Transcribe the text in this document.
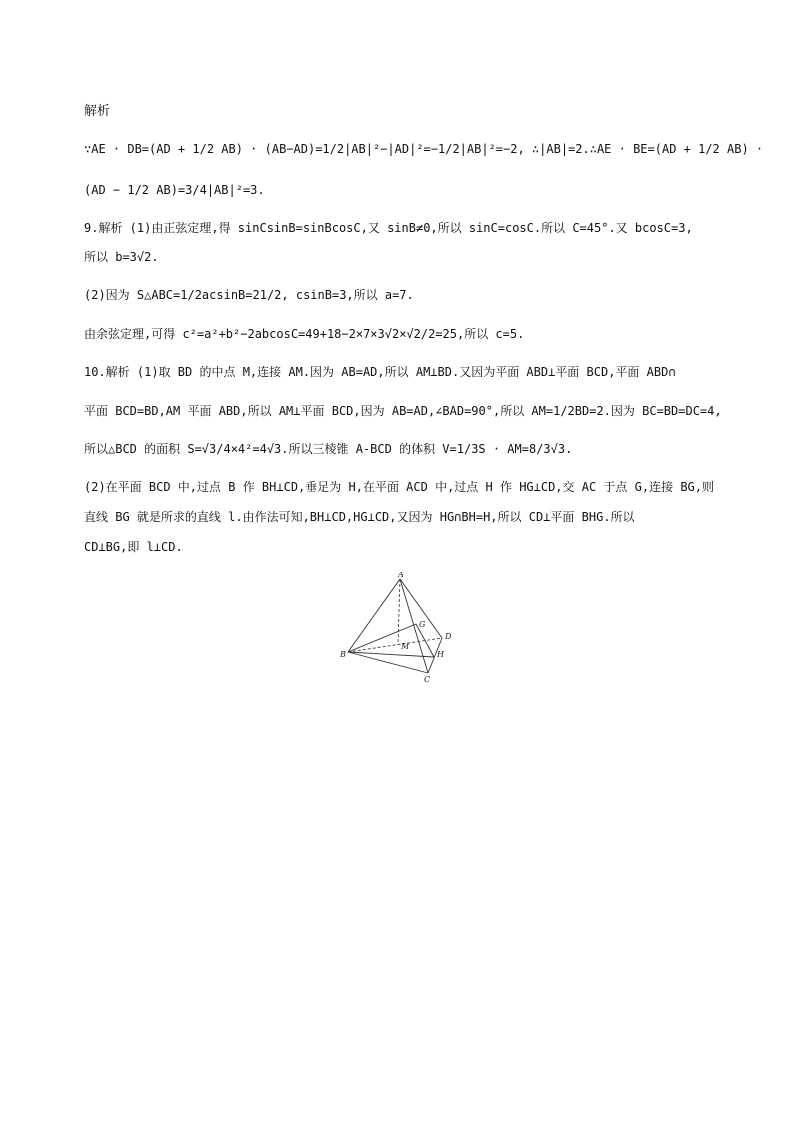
解析
∵AE · DB=(AD + 1/2 AB) · (AB−AD)=1/2|AB|²−|AD|²=−1/2|AB|²=−2, ∴|AB|=2.∴AE · BE=(AD + 1/2 AB) ·
(AD − 1/2 AB)=3/4|AB|²=3.
9.解析 (1)由正弦定理,得 sinCsinB=sinBcosC,又 sinB≠0,所以 sinC=cosC.所以 C=45°.又 bcosC=3,
所以 b=3√2.
(2)因为 S△ABC=1/2acsinB=21/2, csinB=3,所以 a=7.
由余弦定理,可得 c²=a²+b²−2abcosC=49+18−2×7×3√2×√2/2=25,所以 c=5.
10.解析 (1)取 BD 的中点 M,连接 AM.因为 AB=AD,所以 AM⊥BD.又因为平面 ABD⊥平面 BCD,平面 ABD∩
平面 BCD=BD,AM 平面 ABD,所以 AM⊥平面 BCD,因为 AB=AD,∠BAD=90°,所以 AM=1/2BD=2.因为 BC=BD=DC=4,
所以△BCD 的面积 S=√3/4×4²=4√3.所以三棱锥 A-BCD 的体积 V=1/3S · AM=8/3√3.
(2)在平面 BCD 中,过点 B 作 BH⊥CD,垂足为 H,在平面 ACD 中,过点 H 作 HG⊥CD,交 AC 于点 G,连接 BG,则
直线 BG 就是所求的直线 l.由作法可知,BH⊥CD,HG⊥CD,又因为 HG∩BH=H,所以 CD⊥平面 BHG.所以
CD⊥BG,即 l⊥CD.
A
B
C
D
G
H
M
